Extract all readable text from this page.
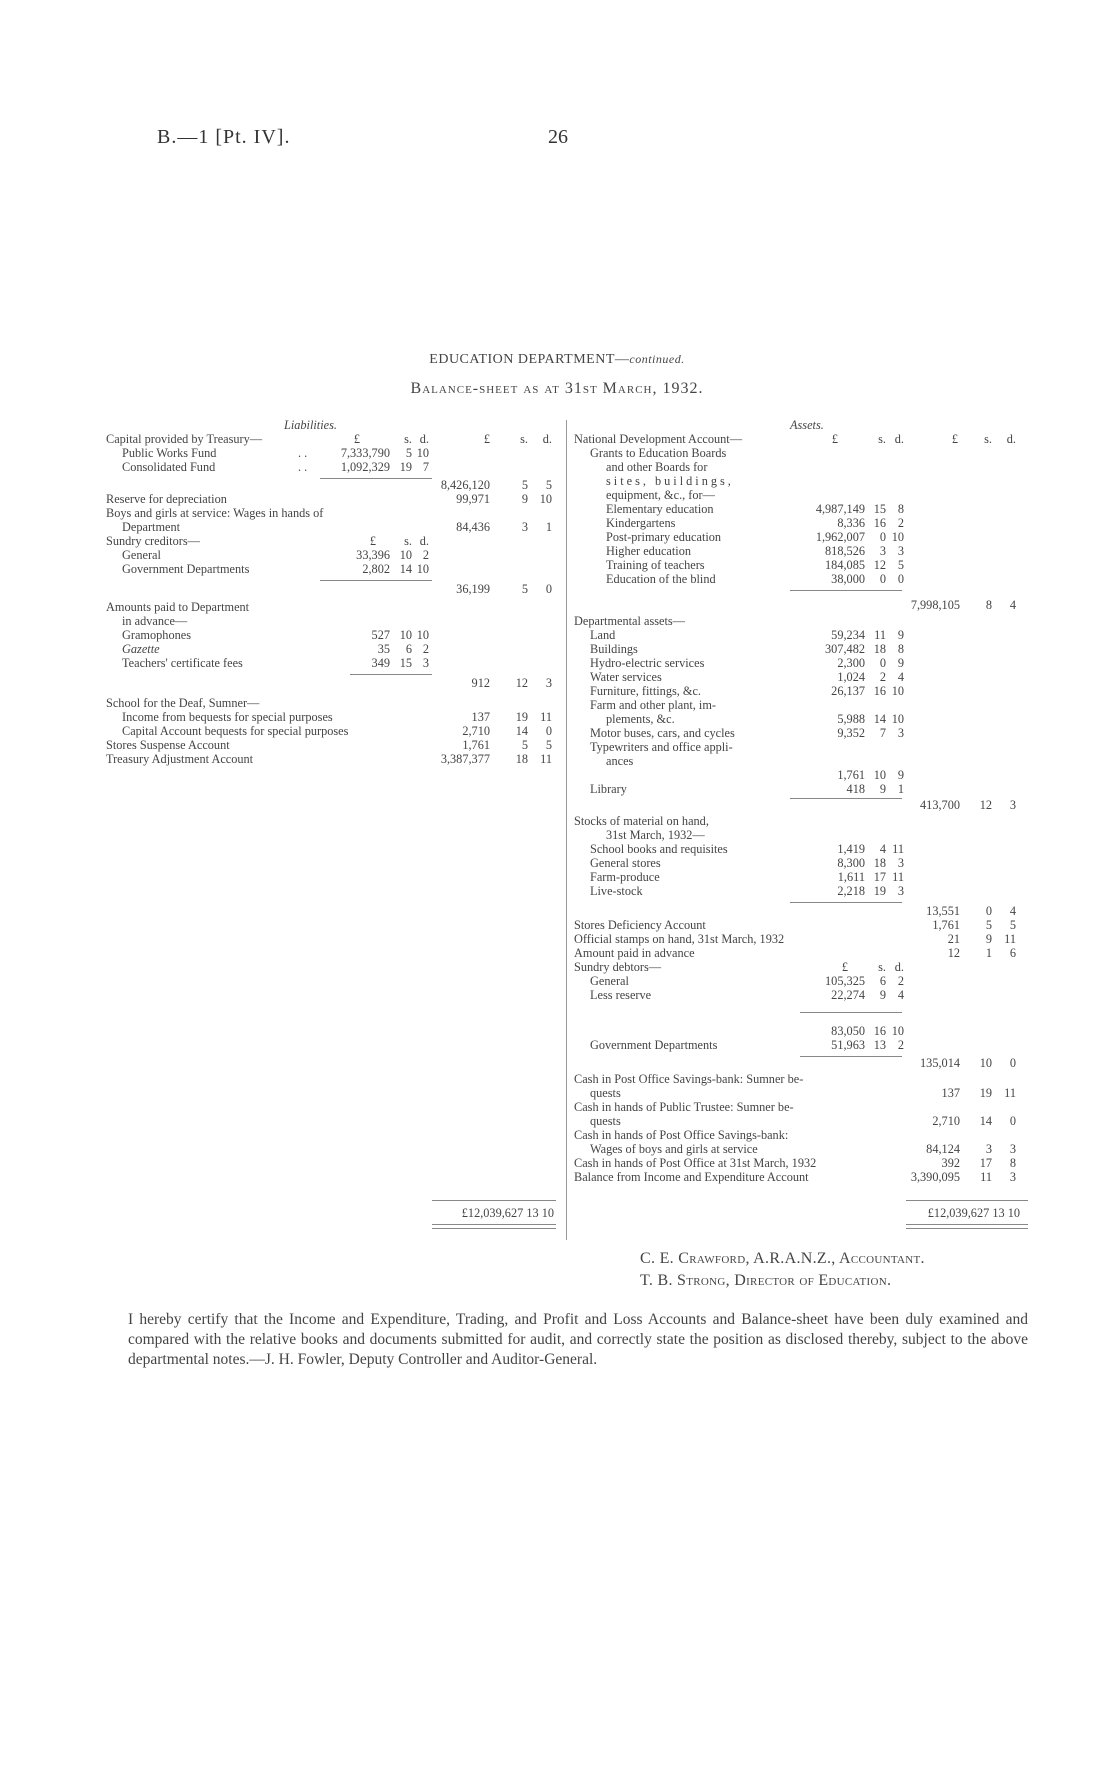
B.—1 [Pt. IV].	26
EDUCATION DEPARTMENT—continued.
Balance-sheet as at 31st March, 1932.
Liabilities.
Capital provided by Treasury—	£	s. d.	£	s.	d.
Public Works Fund	. .	7,333,790	5 10
Consolidated Fund	. .	1,092,329 19 7
8,426,120	5	5
Reserve for depreciation	99,971	9 10
Boys and girls at service: Wages in hands of
Department	84,436	3	1
Sundry creditors—	£	s. d.
General	33,396 10 2
Government Departments	2,802 14 10
36,199	5	0
Amounts paid to Department
in advance—
Gramophones	527 10 10
Gazette	35	6 2
Teachers' certificate fees	349 15 3
912 12	3
School for the Deaf, Sumner—
Income from bequests for special purposes	137 19 11
Capital Account bequests for special purposes	2,710 14	0
Stores Suspense Account	1,761	5	5
Treasury Adjustment Account	3,387,377 18 11
£12,039,627 13 10
Assets.
National Development Account—	£	s. d.	£	s.	d.
Grants to Education Boards
and other Boards for
sites, buildings,
equipment, &c., for—
Elementary education	4,987,149 15 8
Kindergartens	8,336 16 2
Post-primary education	1,962,007	0 10
Higher education	818,526	3 3
Training of teachers	184,085 12 5
Education of the blind	38,000	0 0
7,998,105	8	4
Departmental assets—
Land	59,234 11 9
Buildings	307,482 18 8
Hydro-electric services	2,300	0 9
Water services	1,024	2 4
Furniture, fittings, &c.	26,137 16 10
Farm and other plant, im-
plements, &c.	5,988 14 10
Motor buses, cars, and cycles	9,352	7 3
Typewriters and office appli-
ances
1,761 10 9
Library	418	9 1
413,700 12	3
Stocks of material on hand,
31st March, 1932—
School books and requisites	1,419	4 11
General stores	8,300 18 3
Farm-produce	1,611 17 11
Live-stock	2,218 19 3
13,551	0	4
Stores Deficiency Account	1,761	5	5
Official stamps on hand, 31st March, 1932	21	9 11
Amount paid in advance	12	1	6
Sundry debtors—	£	s. d.
General	105,325	6 2
Less reserve	22,274	9 4
83,050 16 10
Government Departments	51,963 13 2
135,014 10	0
Cash in Post Office Savings-bank: Sumner be-
quests	137 19 11
Cash in hands of Public Trustee: Sumner be-
quests	2,710 14	0
Cash in hands of Post Office Savings-bank:
Wages of boys and girls at service	84,124	3	3
Cash in hands of Post Office at 31st March, 1932	392 17	8
Balance from Income and Expenditure Account	3,390,095 11	3
£12,039,627 13 10
C. E. Crawford, A.R.A.N.Z., Accountant.
T. B. Strong, Director of Education.
I hereby certify that the Income and Expenditure, Trading, and Profit and Loss Accounts and Balance-sheet have been duly examined and compared with the relative books and documents submitted for audit, and correctly state the position as disclosed thereby, subject to the above departmental notes.—J. H. Fowler, Deputy Controller and Auditor-General.
